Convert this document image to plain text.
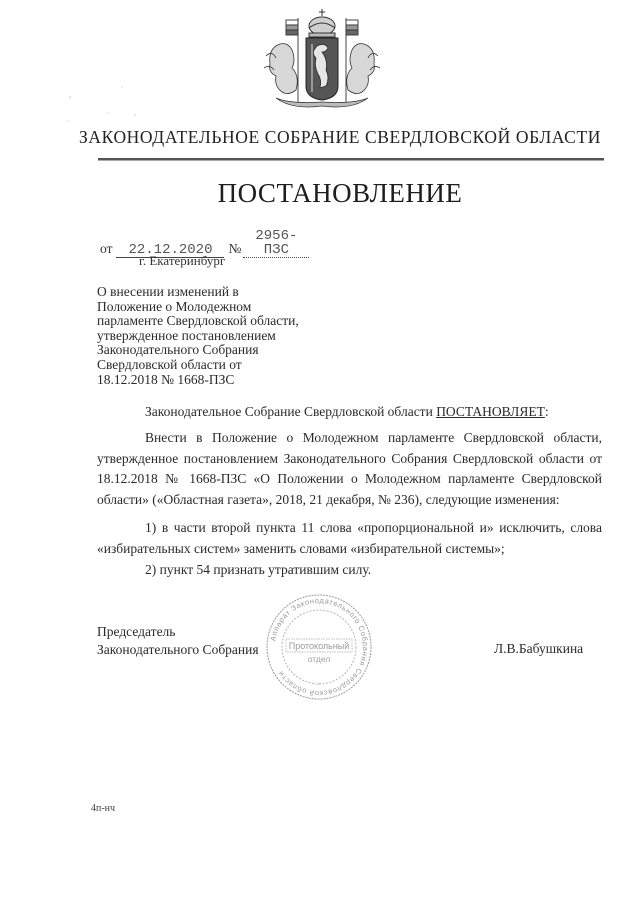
ЗАКОНОДАТЕЛЬНОЕ СОБРАНИЕ СВЕРДЛОВСКОЙ ОБЛАСТИ
ПОСТАНОВЛЕНИЕ
от 22.12.2020 №2956-ПЗС
г. Екатеринбург
О внесении изменений в
Положение о Молодежном
парламенте Свердловской области,
утвержденное постановлением
Законодательного Собрания
Свердловской области от
18.12.2018 № 1668-ПЗС
Законодательное Собрание Свердловской области ПОСТАНОВЛЯЕТ:
Внести в Положение о Молодежном парламенте Свердловской области, утвержденное постановлением Законодательного Собрания Свердловской области от 18.12.2018 № 1668-ПЗС «О Положении о Молодежном парламенте Свердловской области» («Областная газета», 2018, 21 декабря, № 236), следующие изменения:
1) в части второй пункта 11 слова «пропорциональной и» исключить, слова «избирательных систем» заменить словами «избирательной системы»;
2) пункт 54 признать утратившим силу.
Председатель
Законодательного Собрания	Л.В.Бабушкина
Аппарат Законодательного Собрания Свердловской области
Протокольный
отдел
+
4п-нч
